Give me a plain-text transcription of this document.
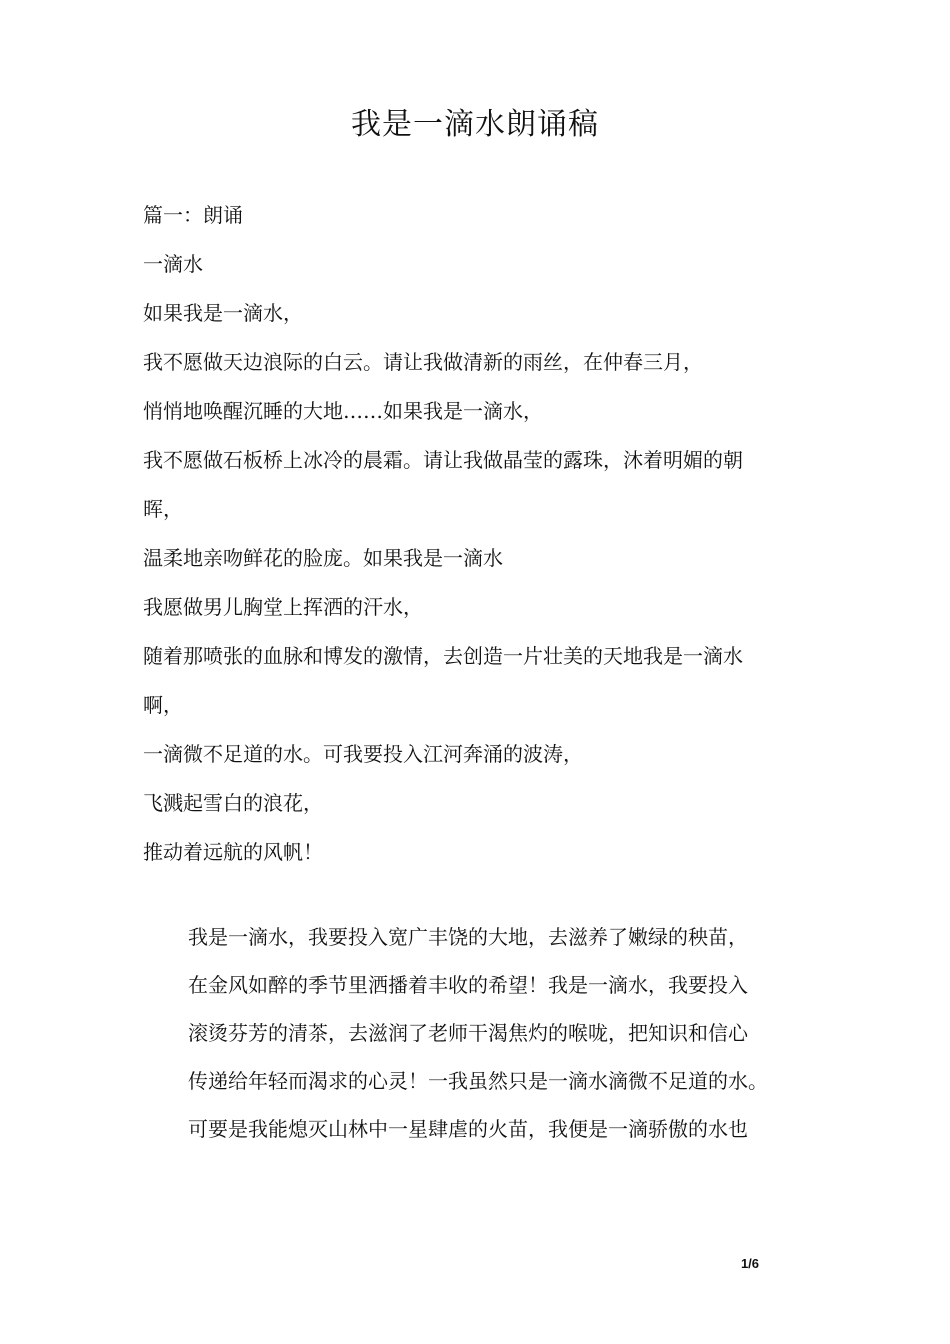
我是一滴水朗诵稿
篇一：朗诵
一滴水
如果我是一滴水，
我不愿做天边浪际的白云。请让我做清新的雨丝，在仲春三月，
悄悄地唤醒沉睡的大地……如果我是一滴水，
我不愿做石板桥上冰冷的晨霜。请让我做晶莹的露珠，沐着明媚的朝
晖，
温柔地亲吻鲜花的脸庞。如果我是一滴水
我愿做男儿胸堂上挥洒的汗水，
随着那喷张的血脉和博发的激情，去创造一片壮美的天地我是一滴水
啊，
一滴微不足道的水。可我要投入江河奔涌的波涛，
飞溅起雪白的浪花，
推动着远航的风帆！
我是一滴水，我要投入宽广丰饶的大地，去滋养了嫩绿的秧苗，
在金风如醉的季节里洒播着丰收的希望！我是一滴水，我要投入
滚烫芬芳的清茶，去滋润了老师干渴焦灼的喉咙，把知识和信心
传递给年轻而渴求的心灵！一我虽然只是一滴水滴微不足道的水。
可要是我能熄灭山林中一星肆虐的火苗，我便是一滴骄傲的水也
1/6
